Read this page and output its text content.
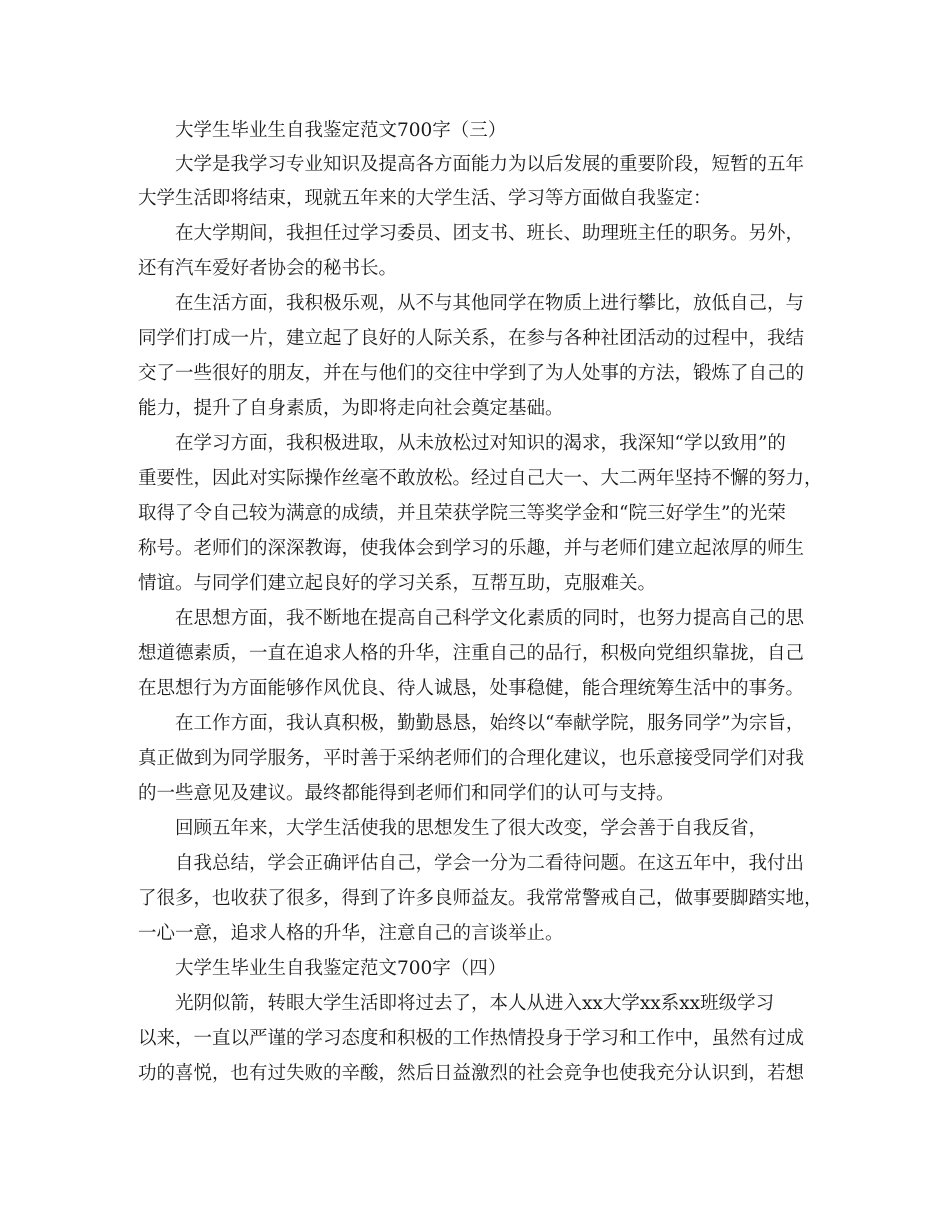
大学生毕业生自我鉴定范文700字（三）
大学是我学习专业知识及提高各方面能力为以后发展的重要阶段，短暂的五年
大学生活即将结束，现就五年来的大学生活、学习等方面做自我鉴定：
在大学期间，我担任过学习委员、团支书、班长、助理班主任的职务。另外，
还有汽车爱好者协会的秘书长。
在生活方面，我积极乐观，从不与其他同学在物质上进行攀比，放低自己，与
同学们打成一片，建立起了良好的人际关系，在参与各种社团活动的过程中，我结
交了一些很好的朋友，并在与他们的交往中学到了为人处事的方法，锻炼了自己的
能力，提升了自身素质，为即将走向社会奠定基础。
在学习方面，我积极进取，从未放松过对知识的渴求，我深知“学以致用”的
重要性，因此对实际操作丝毫不敢放松。经过自己大一、大二两年坚持不懈的努力，
取得了令自己较为满意的成绩，并且荣获学院三等奖学金和“院三好学生”的光荣
称号。老师们的深深教诲，使我体会到学习的乐趣，并与老师们建立起浓厚的师生
情谊。与同学们建立起良好的学习关系，互帮互助，克服难关。
在思想方面，我不断地在提高自己科学文化素质的同时，也努力提高自己的思
想道德素质，一直在追求人格的升华，注重自己的品行，积极向党组织靠拢，自己
在思想行为方面能够作风优良、待人诚恳，处事稳健，能合理统筹生活中的事务。
在工作方面，我认真积极，勤勤恳恳，始终以“奉献学院，服务同学”为宗旨，
真正做到为同学服务，平时善于采纳老师们的合理化建议，也乐意接受同学们对我
的一些意见及建议。最终都能得到老师们和同学们的认可与支持。
回顾五年来，大学生活使我的思想发生了很大改变，学会善于自我反省，
自我总结，学会正确评估自己，学会一分为二看待问题。在这五年中，我付出
了很多，也收获了很多，得到了许多良师益友。我常常警戒自己，做事要脚踏实地，
一心一意，追求人格的升华，注意自己的言谈举止。
大学生毕业生自我鉴定范文700字（四）
光阴似箭，转眼大学生活即将过去了，本人从进入xx大学xx系xx班级学习
以来，一直以严谨的学习态度和积极的工作热情投身于学习和工作中，虽然有过成
功的喜悦，也有过失败的辛酸，然后日益激烈的社会竞争也使我充分认识到，若想
